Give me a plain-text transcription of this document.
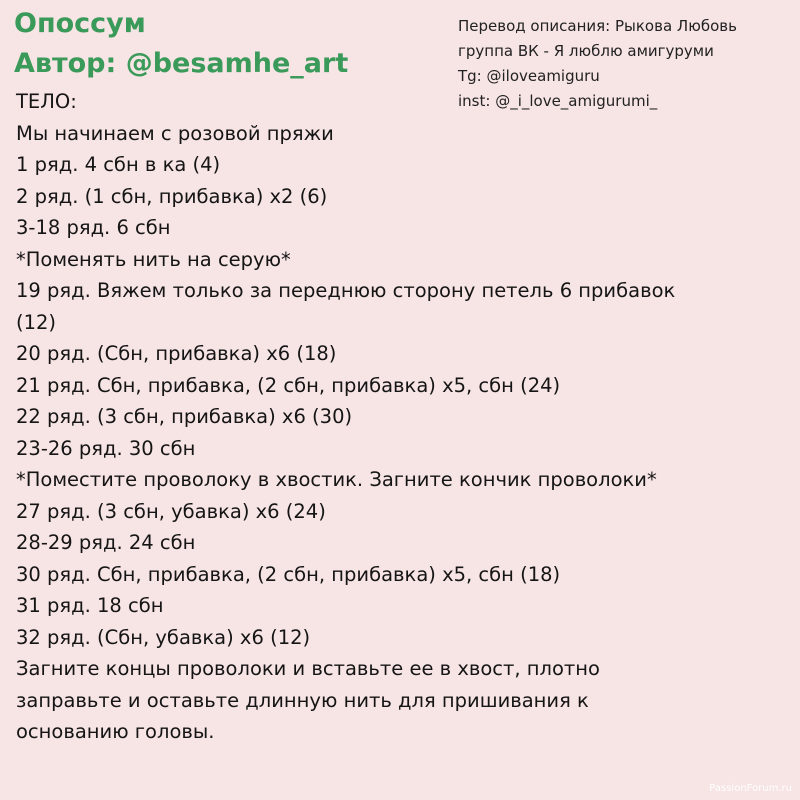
Опоссум
Автор: @besamhe_art
Перевод описания: Рыкова Любовь
группа ВК - Я люблю амигуруми
Tg: @iloveamiguru
inst: @_i_love_amigurumi_
ТЕЛО:
Мы начинаем с розовой пряжи
1 ряд. 4 сбн в ка (4)
2 ряд. (1 сбн, прибавка) х2 (6)
3-18 ряд. 6 сбн
*Поменять нить на серую*
19 ряд. Вяжем только за переднюю сторону петель 6 прибавок
(12)
20 ряд. (Сбн, прибавка) х6 (18)
21 ряд. Сбн, прибавка, (2 сбн, прибавка) х5, сбн (24)
22 ряд. (3 сбн, прибавка) х6 (30)
23-26 ряд. 30 сбн
*Поместите проволоку в хвостик. Загните кончик проволоки*
27 ряд. (3 сбн, убавка) х6 (24)
28-29 ряд. 24 сбн
30 ряд. Сбн, прибавка, (2 сбн, прибавка) х5, сбн (18)
31 ряд. 18 сбн
32 ряд. (Сбн, убавка) х6 (12)
Загните концы проволоки и вставьте ее в хвост, плотно
заправьте и оставьте длинную нить для пришивания к
основанию головы.
PassionForum.ru
